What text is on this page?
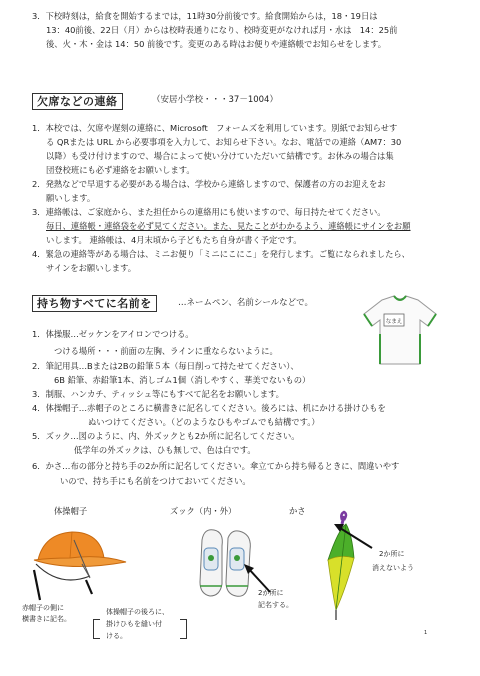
3．下校時刻は，給食を開始するまでは，11時30分前後です。給食開始からは，18・19日は
13：40前後、22日（月）からは校時表通りになり、校時変更がなければ月・水は　14：25前
後、火・木・金は 14：50 前後です。変更のある時はお便りや連絡帳でお知らせをします。
欠席などの連絡	（安居小学校・・・37－1004）
1．本校では、欠席や遅刻の連絡に、Microsoft　フォームズを利用しています。別紙でお知らせす
る QRまたは URL から必要事項を入力して、お知らせ下さい。なお、電話での連絡（AM7：30
以降）も受け付けますので、場合によって使い分けていただいて結構です。お休みの場合は集
団登校班にも必ず連絡をお願いします。
2．発熱などで早退する必要がある場合は、学校から連絡しますので、保護者の方のお迎えをお
願いします。
3．連絡帳は、ご家庭から、また担任からの連絡用にも使いますので、毎日持たせてください。
毎日、連絡帳・連絡袋を必ず見てください。また、見たことがわかるよう、連絡帳にサインをお願
いします。 連絡帳は、4月末頃から子どもたち自身が書く予定です。
4．緊急の連絡等がある場合は、ミニお便り「ミニにこにこ」を発行します。ご覧になられましたら、
サインをお願いします。
持ち物すべてに名前を	…ネームペン、名前シールなどで。
なまえ
1．体操服…ゼッケンをアイロンでつける。
つける場所・・・前面の左胸、ラインに重ならないように。
2．筆記用具…Bまたは2Bの鉛筆５本（毎日削って持たせてください）、
6B 鉛筆、赤鉛筆1本、消しゴム1個（消しやすく、華美でないもの）
3．制服、ハンカチ、ティッシュ等にもすべて記名をお願いします。
4．体操帽子…赤帽子のところに横書きに記名してください。後ろには、机にかける掛けひもを
ぬいつけてください。（どのようなひもやゴムでも結構です。）
5．ズック…図のように、内、外ズックとも2か所に記名してください。
低学年の外ズックは、ひも無しで、色は白です。
6．かさ…布の部分と持ち手の2か所に記名してください。傘立てから持ち帰るときに、間違いやす
いので、持ち手にも名前をつけておいてください。
体操帽子	ズック（内・外）	かさ
赤帽子の側に
横書きに記名。
体操帽子の後ろに、
掛けひもを縫い付
ける。
2か所に
記名する。
2か所に
消えないよう
1
